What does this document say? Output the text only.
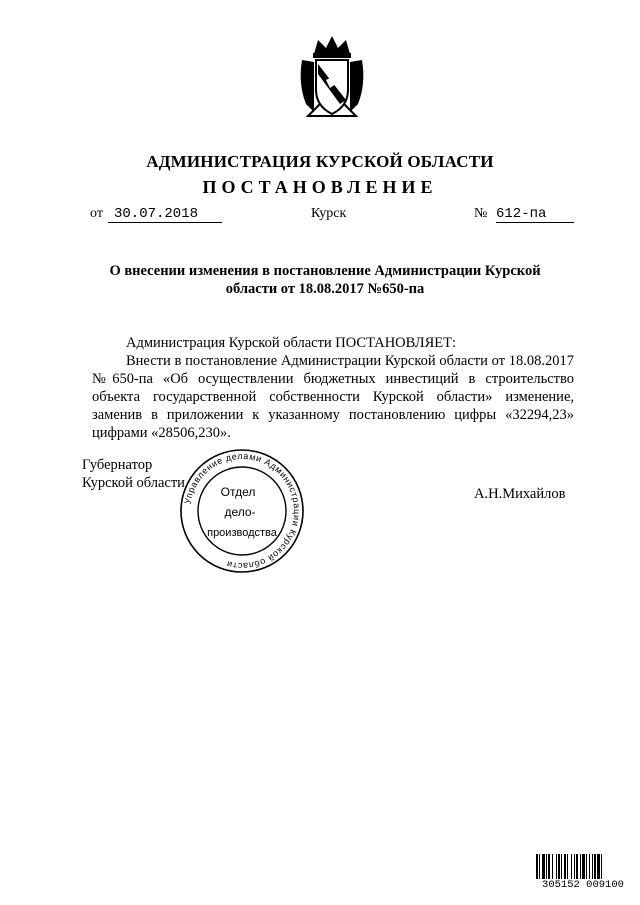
АДМИНИСТРАЦИЯ КУРСКОЙ ОБЛАСТИ
ПОСТАНОВЛЕНИЕ
от 30.07.2018	Курск	№ 612-па
О внесении изменения в постановление Администрации Курской
области от 18.08.2017 №650-па

Администрация Курской области ПОСТАНОВЛЯЕТ:

Внести в постановление Администрации Курской области от 18.08.2017 №650-па «Об осуществлении бюджетных инвестиций в строительство объекта государственной собственности Курской области» изменение, заменив в приложении к указанному постановлению цифры «32294,23» цифрами «28506,230».

Губернатор
Курской области
А.Н.Михайлов
Управление делами Администрации Курской области
Отдел
дело-
производства
305152 009100
